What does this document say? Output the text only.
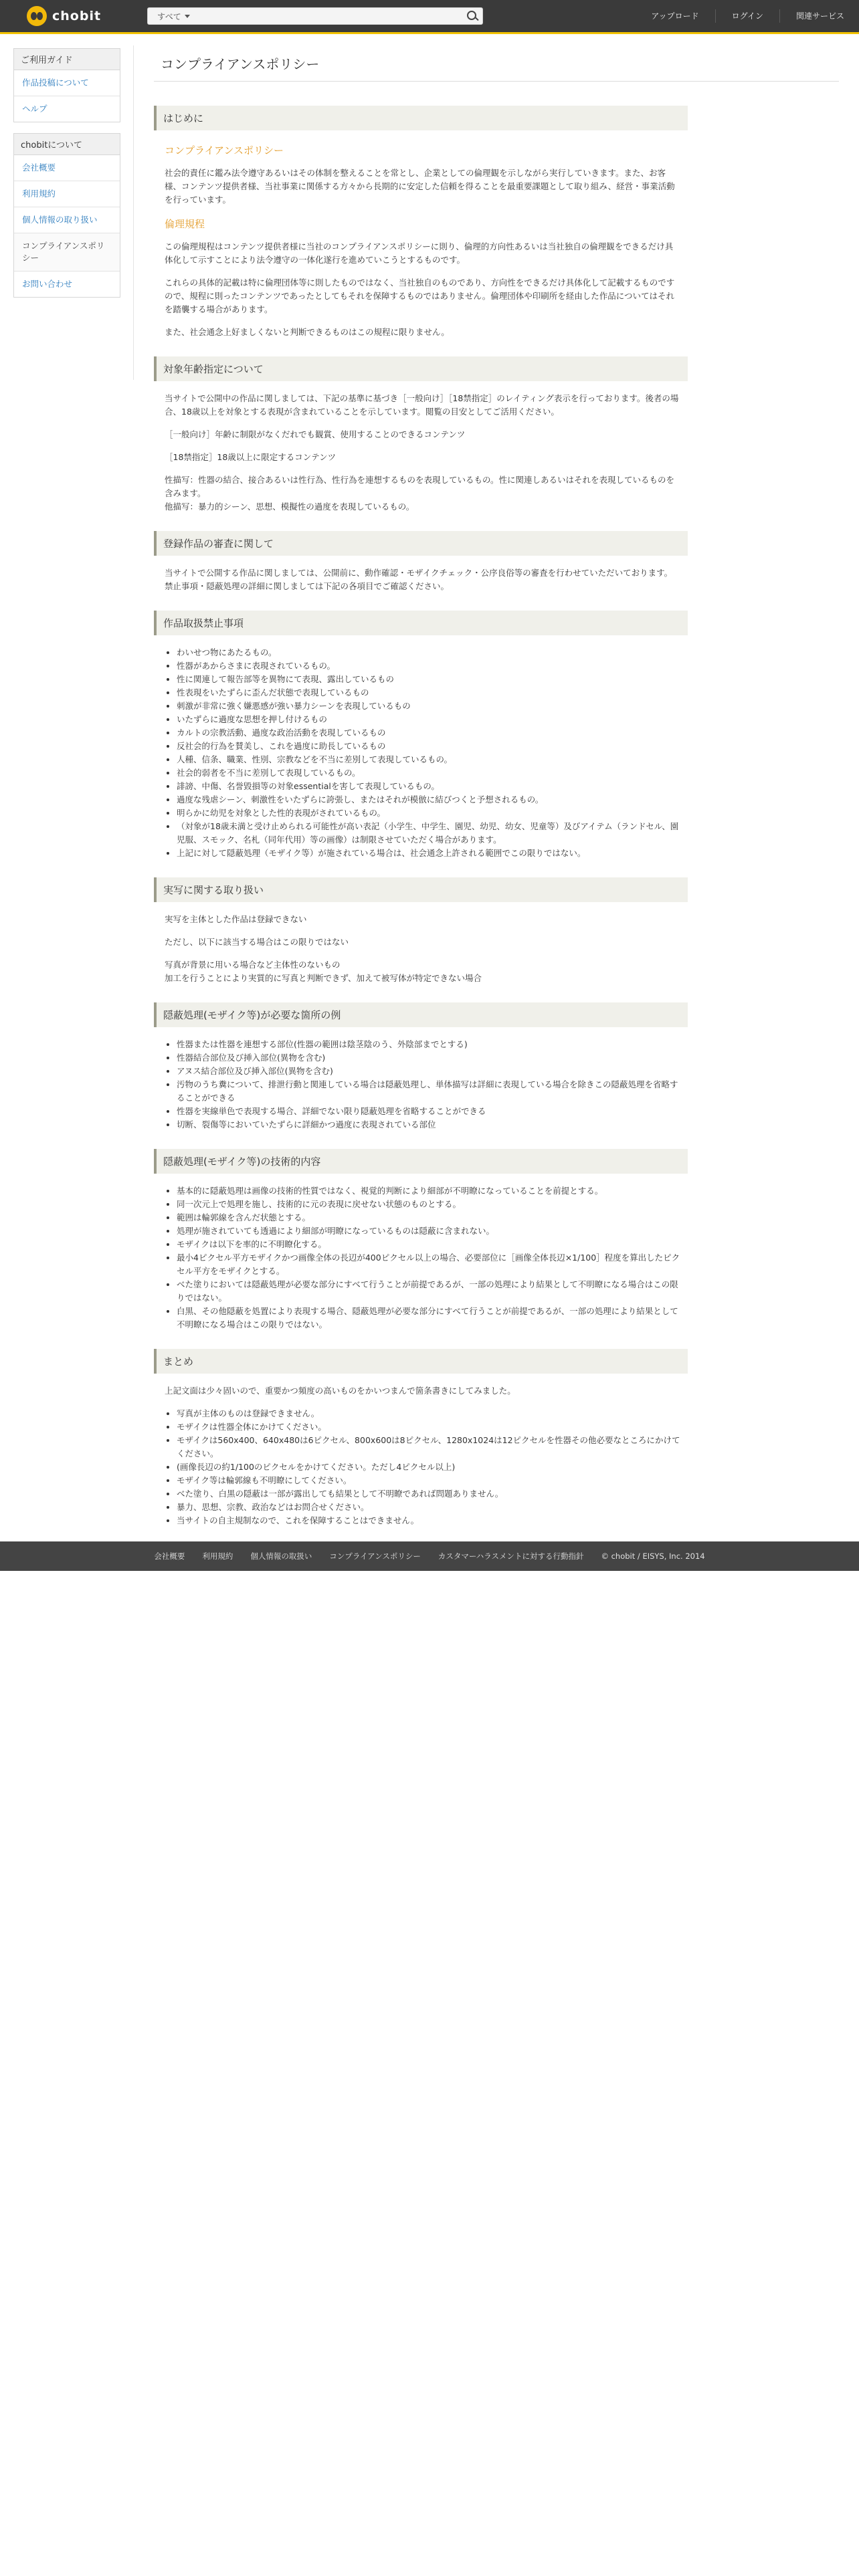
chobit	すべて	アップロード	ログイン	関連サービス
ご利用ガイド
作品投稿について
ヘルプ
chobitについて
会社概要
利用規約
個人情報の取り扱い
コンプライアンスポリシー
お問い合わせ
コンプライアンスポリシー
はじめに
コンプライアンスポリシー

社会的責任に鑑み法令遵守あるいはその体制を整えることを常とし、企業としての倫理観を示しながら実行していきます。また、お客様、コンテンツ提供者様、当社事業に関係する方々から長期的に安定した信頼を得ることを最重要課題として取り組み、経営・事業活動を行っています。

倫理規程

この倫理規程はコンテンツ提供者様に当社のコンプライアンスポリシーに則り、倫理的方向性あるいは当社独自の倫理観をできるだけ具体化して示すことにより法令遵守の一体化遂行を進めていこうとするものです。

これらの具体的記載は特に倫理団体等に則したものではなく、当社独自のものであり、方向性をできるだけ具体化して記載するものですので、規程に則ったコンテンツであったとしてもそれを保障するものではありません。倫理団体や印刷所を経由した作品についてはそれを踏襲する場合があります。

また、社会通念上好ましくないと判断できるものはこの規程に限りません。

対象年齢指定について

当サイトで公開中の作品に関しましては、下記の基準に基づき［一般向け］［18禁指定］のレイティング表示を行っております。後者の場合、18歳以上を対象とする表現が含まれていることを示しています。閲覧の目安としてご活用ください。

［一般向け］年齢に制限がなくだれでも観賞、使用することのできるコンテンツ

［18禁指定］18歳以上に限定するコンテンツ

性描写：性器の結合、接合あるいは性行為、性行為を連想するものを表現しているもの。性に関連しあるいはそれを表現しているものを含みます。

他描写：暴力的シーン、思想、模擬性の過度を表現しているもの。

登録作品の審査に関して

当サイトで公開する作品に関しましては、公開前に、動作確認・モザイクチェック・公序良俗等の審査を行わせていただいております。

禁止事項・隠蔽処理の詳細に関しましては下記の各項目でご確認ください。

作品取扱禁止事項
• わいせつ物にあたるもの。
• 性器があからさまに表現されているもの。
• 性に関連して報告部等を異物にて表現、露出しているもの
• 性表現をいたずらに歪んだ状態で表現しているもの
• 刺激が非常に強く嫌悪感が強い暴力シーンを表現しているもの
• いたずらに過度な思想を押し付けるもの
• カルトの宗教活動、過度な政治活動を表現しているもの
• 反社会的行為を賛美し、これを過度に助長しているもの
• 人種、信条、職業、性別、宗教などを不当に差別して表現しているもの。
• 社会的弱者を不当に差別して表現しているもの。
• 誹謗、中傷、名誉毀損等の対象essentialを害して表現しているもの。
• 過度な残虐シーン、刺激性をいたずらに誇張し、またはそれが模倣に結びつくと予想されるもの。
• 明らかに幼児を対象とした性的表現がされているもの。
• （対象が18歳未満と受け止められる可能性が高い表記（小学生、中学生、園児、幼児、幼女、児童等）及びアイテム（ランドセル、園児服、スモック、名札（同年代用）等の画像）は制限させていただく場合があります。
• 上記に対して隠蔽処理（モザイク等）が施されている場合は、社会通念上許される範囲でこの限りではない。
実写に関する取り扱い

実写を主体とした作品は登録できない

ただし、以下に該当する場合はこの限りではない

写真が背景に用いる場合など主体性のないもの

加工を行うことにより実質的に写真と判断できず、加えて被写体が特定できない場合

隠蔽処理(モザイク等)が必要な箇所の例
• 性器または性器を連想する部位(性器の範囲は陰茎陰のう、外陰部までとする)
• 性器結合部位及び挿入部位(異物を含む)
• アヌス結合部位及び挿入部位(異物を含む)
• 汚物のうち糞について、排泄行動と関連している場合は隠蔽処理し、単体描写は詳細に表現している場合を除きこの隠蔽処理を省略することができる
• 性器を実線単色で表現する場合、詳細でない限り隠蔽処理を省略することができる
• 切断、裂傷等においていたずらに詳細かつ過度に表現されている部位
隠蔽処理(モザイク等)の技術的内容
• 基本的に隠蔽処理は画像の技術的性質ではなく、視覚的判断により細部が不明瞭になっていることを前提とする。
• 同一次元上で処理を施し、技術的に元の表現に戻せない状態のものとする。
• 範囲は輪郭線を含んだ状態とする。
• 処理が施されていても透過により細部が明瞭になっているものは隠蔽に含まれない。
• モザイクは以下を率的に不明瞭化する。
• 最小4ピクセル平方モザイクかつ画像全体の長辺が400ピクセル以上の場合、必要部位に［画像全体長辺×1/100］程度を算出したピクセル平方をモザイクとする。
• べた塗りにおいては隠蔽処理が必要な部分にすべて行うことが前提であるが、一部の処理により結果として不明瞭になる場合はこの限りではない。
• 白黒、その他隠蔽を処置により表現する場合、隠蔽処理が必要な部分にすべて行うことが前提であるが、一部の処理により結果として不明瞭になる場合はこの限りではない。
まとめ

上記文面は少々固いので、重要かつ頻度の高いものをかいつまんで箇条書きにしてみました。

• 写真が主体のものは登録できません。
• モザイクは性器全体にかけてください。
• モザイクは560x400、640x480は6ピクセル、800x600は8ピクセル、1280x1024は12ピクセルを性器その他必要なところにかけてください。
• (画像長辺の約1/100のピクセルをかけてください。ただし4ピクセル以上)
• モザイク等は輪郭線も不明瞭にしてください。
• べた塗り、白黒の隠蔽は一部が露出しても結果として不明瞭であれば問題ありません。
• 暴力、思想、宗教、政治などはお問合せください。
• 当サイトの自主規制なので、これを保障することはできません。
会社概要 利用規約 個人情報の取扱い コンプライアンスポリシー カスタマーハラスメントに対する行動指針 © chobit / EISYS, Inc. 2014
